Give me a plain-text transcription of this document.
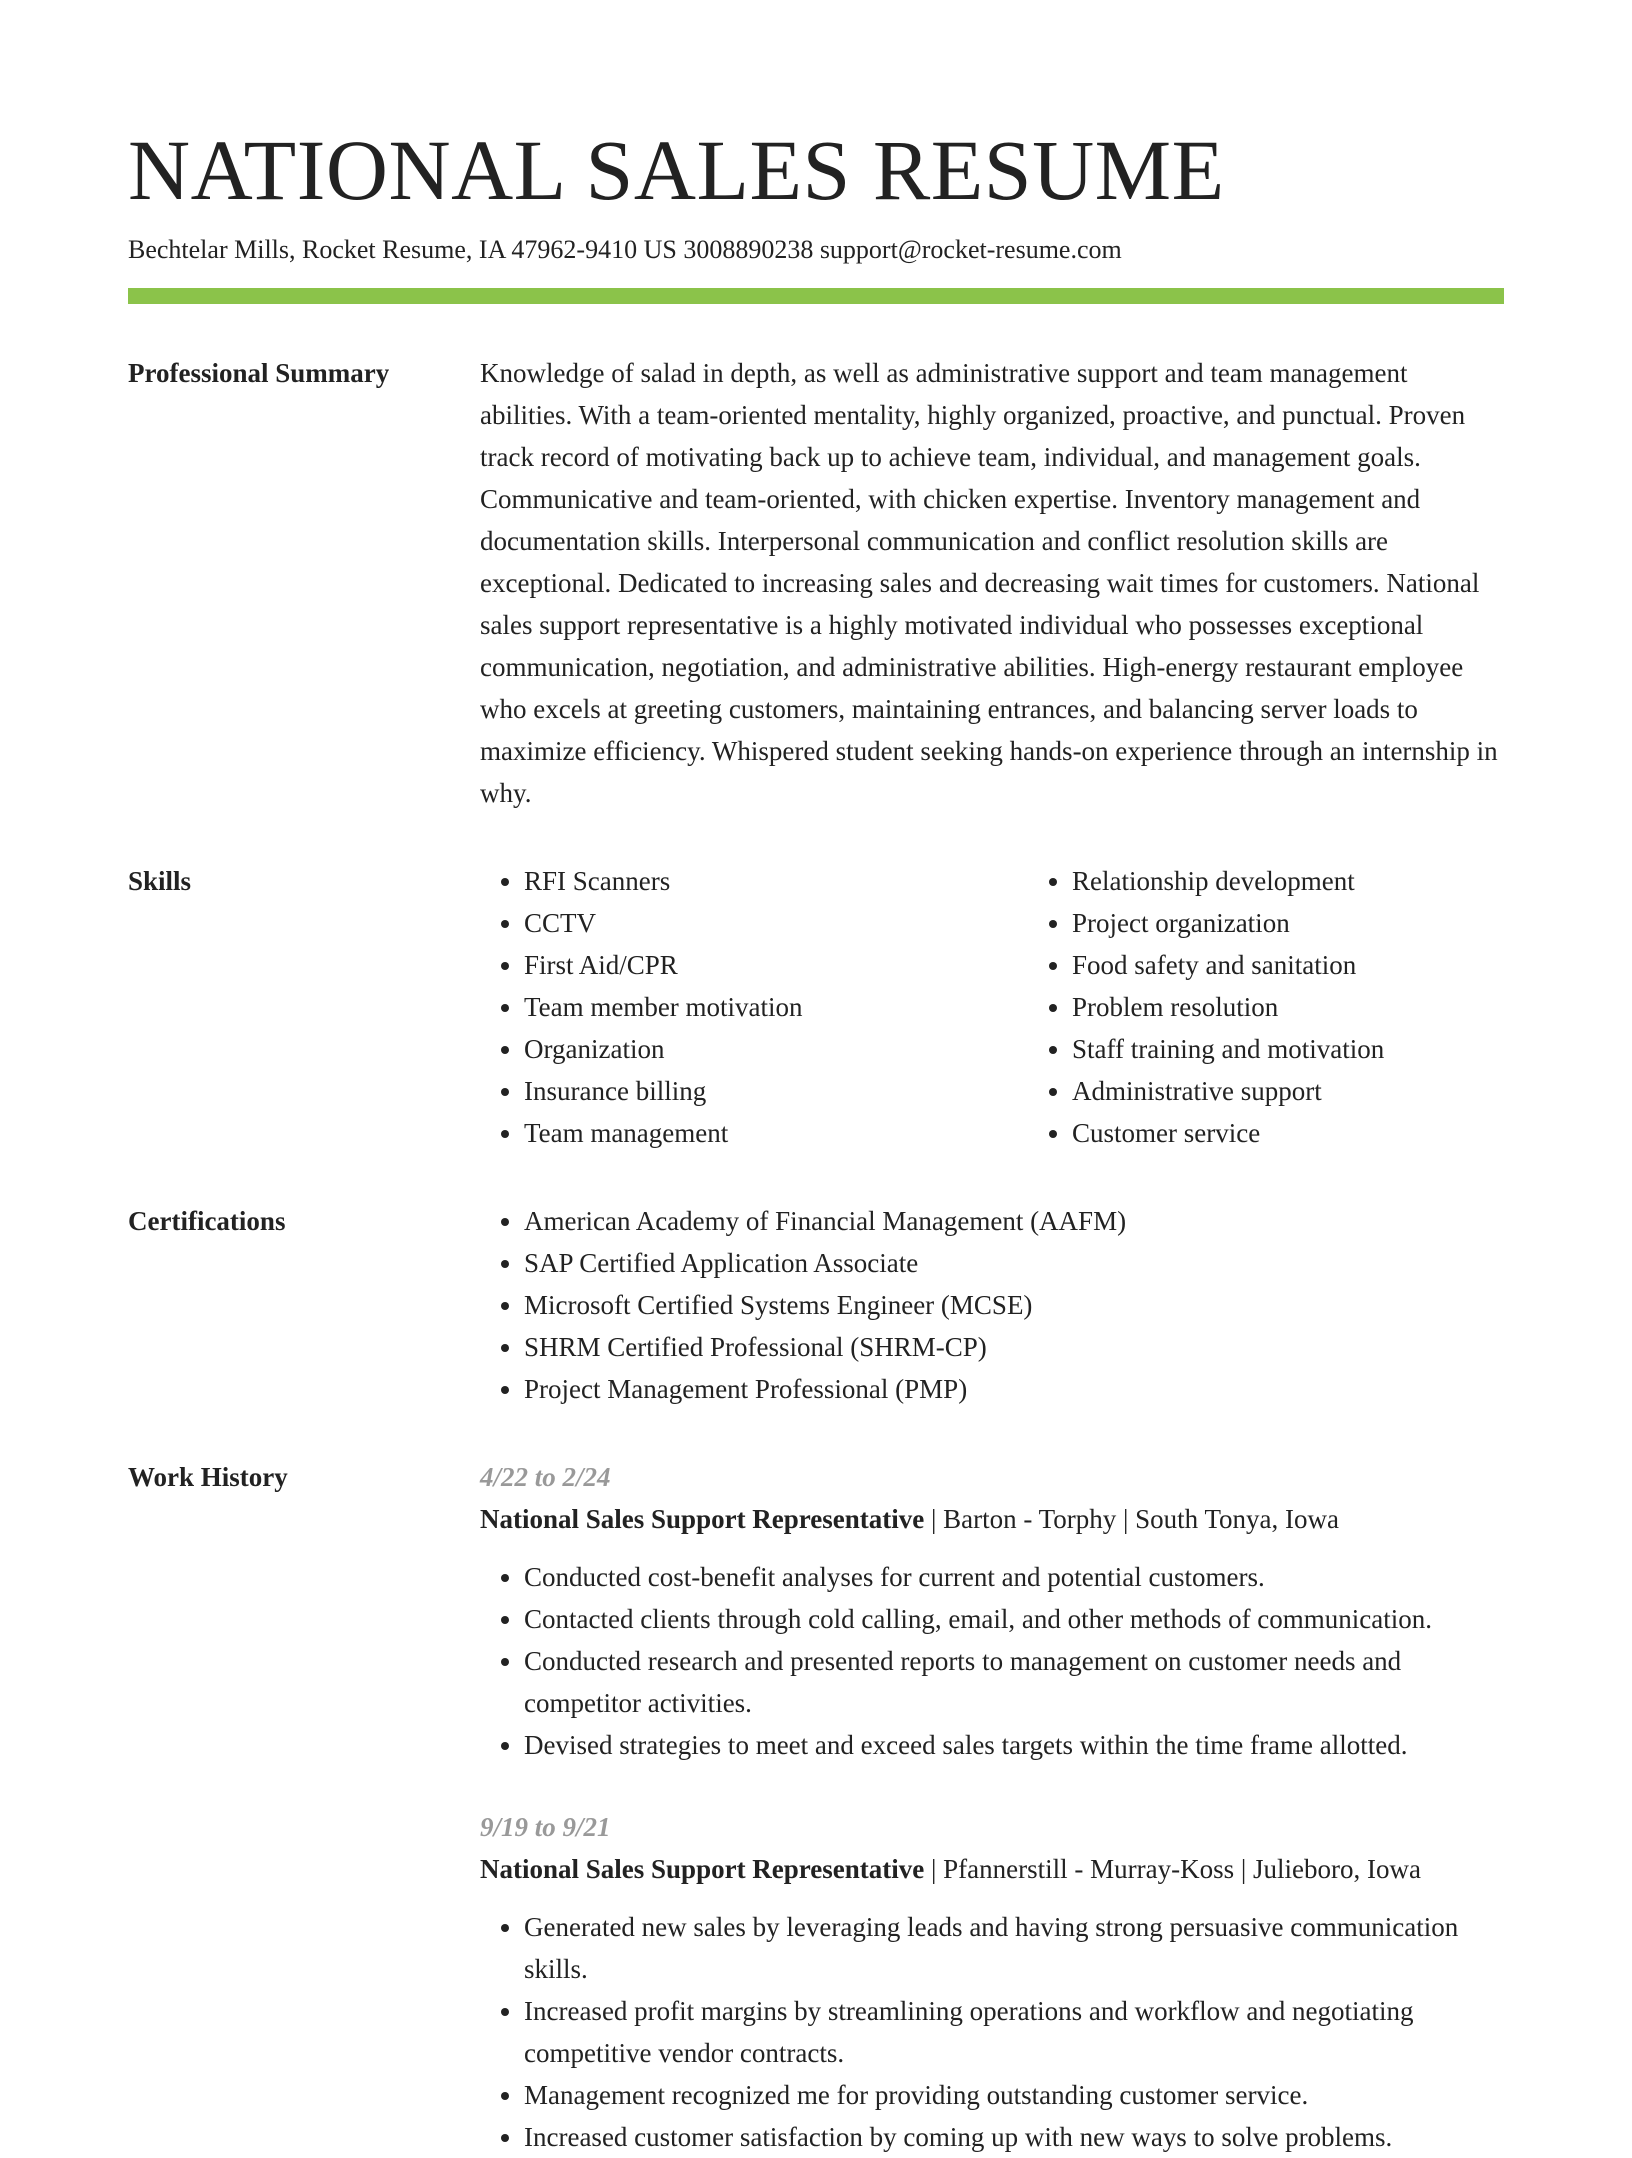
NATIONAL SALES RESUME
Bechtelar Mills, Rocket Resume, IA 47962-9410 US 3008890238 support@rocket-resume.com
Professional Summary	Knowledge of salad in depth, as well as administrative support and team management abilities. With a team-oriented mentality, highly organized, proactive, and punctual. Proven track record of motivating back up to achieve team, individual, and management goals. Communicative and team-oriented, with chicken expertise. Inventory management and documentation skills. Interpersonal communication and conflict resolution skills are exceptional. Dedicated to increasing sales and decreasing wait times for customers. National sales support representative is a highly motivated individual who possesses exceptional communication, negotiation, and administrative abilities. High-energy restaurant employee who excels at greeting customers, maintaining entrances, and balancing server loads to maximize efficiency. Whispered student seeking hands-on experience through an internship in why.
Skills	• RFI Scanners
• CCTV
• First Aid/CPR
• Team member motivation
• Organization
• Insurance billing
• Team management
• Relationship development
• Project organization
• Food safety and sanitation
• Problem resolution
• Staff training and motivation
• Administrative support
• Customer service
Certifications	• American Academy of Financial Management (AAFM)
• SAP Certified Application Associate
• Microsoft Certified Systems Engineer (MCSE)
• SHRM Certified Professional (SHRM-CP)
• Project Management Professional (PMP)
Work History	4/22 to 2/24
National Sales Support Representative | Barton - Torphy | South Tonya, Iowa
• Conducted cost-benefit analyses for current and potential customers.
• Contacted clients through cold calling, email, and other methods of communication.
• Conducted research and presented reports to management on customer needs and competitor activities.
• Devised strategies to meet and exceed sales targets within the time frame allotted.
9/19 to 9/21
National Sales Support Representative | Pfannerstill - Murray-Koss | Julieboro, Iowa
• Generated new sales by leveraging leads and having strong persuasive communication skills.
• Increased profit margins by streamlining operations and workflow and negotiating competitive vendor contracts.
• Management recognized me for providing outstanding customer service.
• Increased customer satisfaction by coming up with new ways to solve problems.
